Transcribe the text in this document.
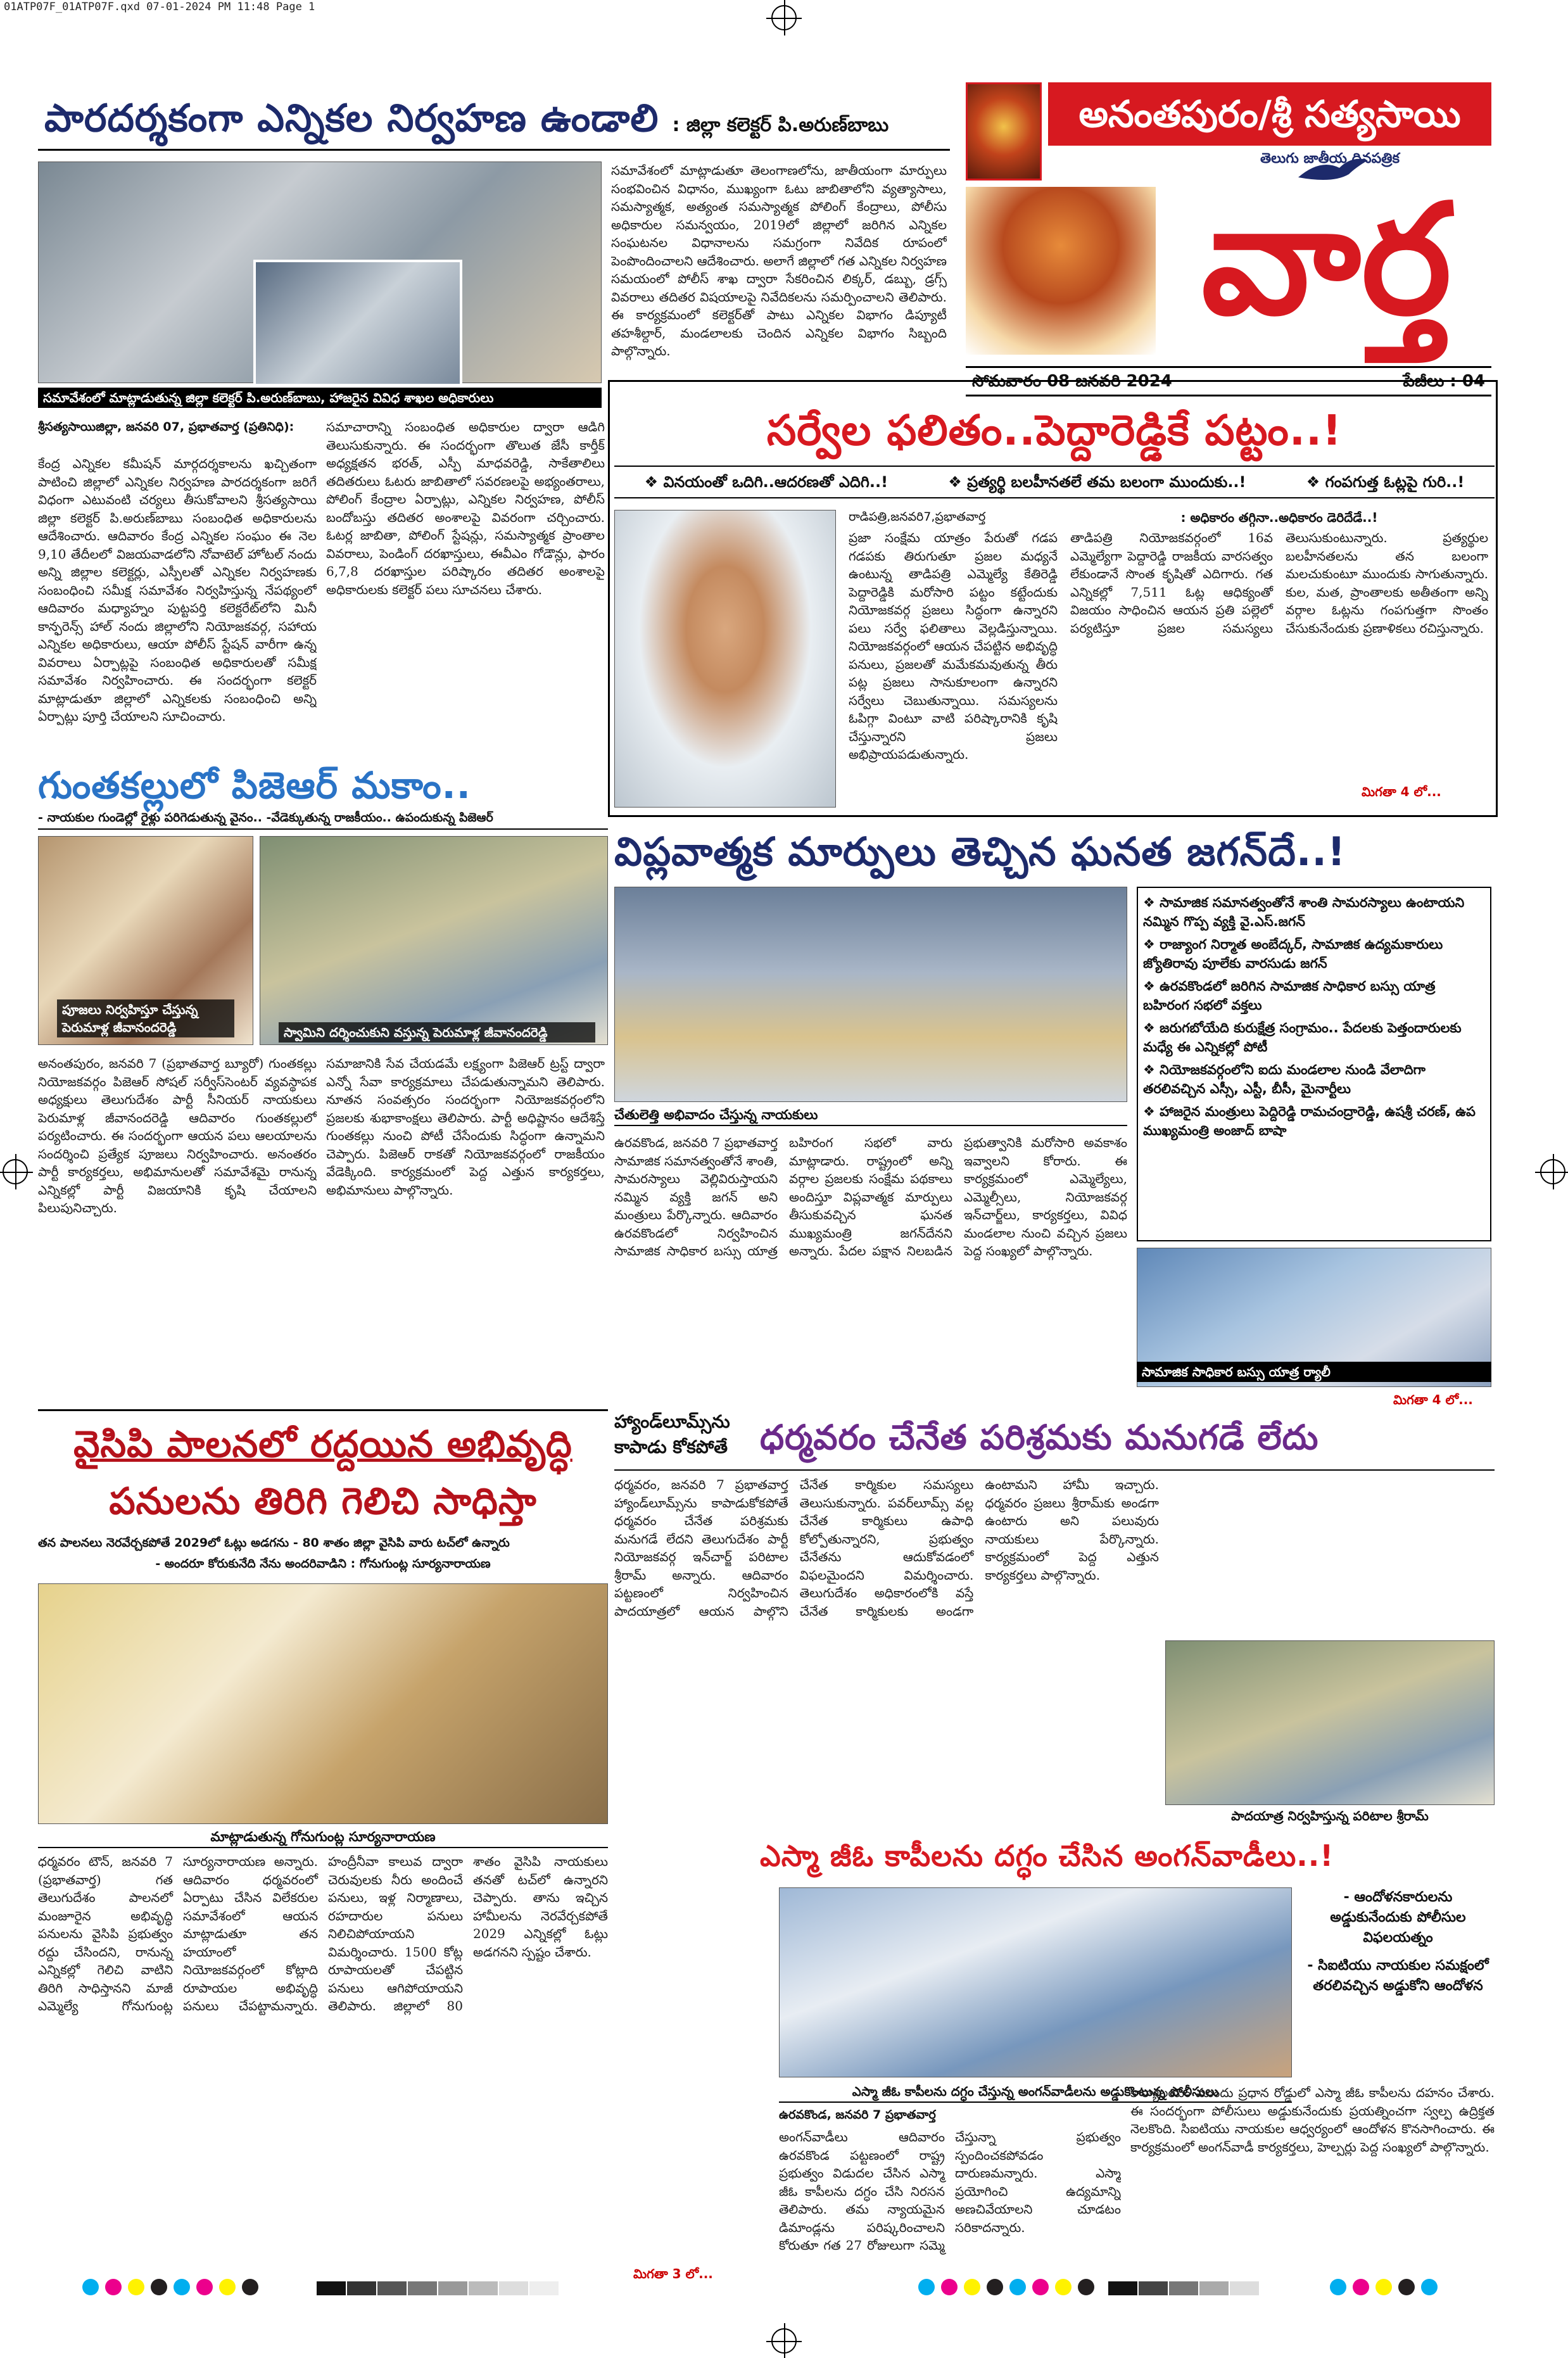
01ATP07F_01ATP07F.qxd 07-01-2024 PM 11:48 Page 1
పారదర్శకంగా ఎన్నికల నిర్వహణ ఉండాలి : జిల్లా కలెక్టర్ పి.అరుణ్‌బాబు
సమావేశంలో మాట్లాడుతున్న జిల్లా కలెక్టర్ పి.అరుణ్‌బాబు, హాజరైన వివిధ శాఖల అధికారులు
సమావేశంలో మాట్లాడుతూ తెలంగాణలోను, జాతీయంగా మార్పులు సంభవించిన విధానం, ముఖ్యంగా ఓటు జాబితాలోని వ్యత్యాసాలు, సమస్యాత్మక, అత్యంత సమస్యాత్మక పోలింగ్ కేంద్రాలు, పోలీసు అధికారుల సమన్వయం, 2019లో జిల్లాలో జరిగిన ఎన్నికల సంఘటనల విధానాలను సమగ్రంగా నివేదిక రూపంలో పెంపొందించాలని ఆదేశించారు. అలాగే జిల్లాలో గత ఎన్నికల నిర్వహణ సమయంలో పోలీస్ శాఖ ద్వారా సేకరించిన లిక్కర్, డబ్బు, డ్రగ్స్ వివరాలు తదితర విషయాలపై నివేదికలను సమర్పించాలని తెలిపారు. ఈ కార్యక్రమంలో కలెక్టర్‌తో పాటు ఎన్నికల విభాగం డిప్యూటీ తహశీల్దార్, మండలాలకు చెందిన ఎన్నికల విభాగం సిబ్బంది పాల్గొన్నారు.
శ్రీసత్యసాయిజిల్లా, జనవరి 07, ప్రభాతవార్త (ప్రతినిధి):
కేంద్ర ఎన్నికల కమీషన్ మార్గదర్శకాలను ఖచ్చితంగా పాటించి జిల్లాలో ఎన్నికల నిర్వహణ పారదర్శకంగా జరిగే విధంగా ఎటువంటి చర్యలు తీసుకోవాలని శ్రీసత్యసాయి జిల్లా కలెక్టర్ పి.అరుణ్‌బాబు సంబంధిత అధికారులను ఆదేశించారు. ఆదివారం కేంద్ర ఎన్నికల సంఘం ఈ నెల 9,10 తేదీలలో విజయవాడలోని నోవాటెల్ హోటల్ నందు అన్ని జిల్లాల కలెక్టర్లు, ఎస్పీలతో ఎన్నికల నిర్వహణకు సంబంధించి సమీక్ష సమావేశం నిర్వహిస్తున్న నేపథ్యంలో ఆదివారం మధ్యాహ్నం పుట్టపర్తి కలెక్టరేట్‌లోని మినీ కాన్ఫరెన్స్ హాల్ నందు జిల్లాలోని నియోజకవర్గ, సహాయ ఎన్నికల అధికారులు, ఆయా పోలీస్ స్టేషన్ వారీగా ఉన్న వివరాలు ఏర్పాట్లపై సంబంధిత అధికారులతో సమీక్ష సమావేశం నిర్వహించారు. ఈ సందర్భంగా కలెక్టర్ మాట్లాడుతూ జిల్లాలో ఎన్నికలకు సంబంధించి అన్ని ఏర్పాట్లు పూర్తి చేయాలని సూచించారు.
సమాచారాన్ని సంబంధిత అధికారుల ద్వారా ఆడిగి తెలుసుకున్నారు. ఈ సందర్భంగా తొలుత జేసీ కార్తీక్ అధ్యక్షతన భరత్, ఎస్పీ మాధవరెడ్డి, సాకేతాలిలు తదితరులు ఓటరు జాబితాలో సవరణలపై అభ్యంతరాలు, పోలింగ్ కేంద్రాల ఏర్పాట్లు, ఎన్నికల నిర్వహణ, పోలీస్ బందోబస్తు తదితర అంశాలపై వివరంగా చర్చించారు. ఓటర్ల జాబితా, పోలింగ్ స్టేషన్లు, సమస్యాత్మక ప్రాంతాల వివరాలు, పెండింగ్ దరఖాస్తులు, ఈవీఎం గోడౌన్లు, ఫారం 6,7,8 దరఖాస్తుల పరిష్కారం తదితర అంశాలపై అధికారులకు కలెక్టర్ పలు సూచనలు చేశారు.
అనంతపురం/శ్రీ సత్యసాయి
తెలుగు జాతీయ దినపత్రిక
వార్త
సోమవారం 08 జనవరి 2024	పేజీలు : 04
సర్వేల ఫలితం..పెద్దారెడ్డికే పట్టం..!
❖ వినయంతో ఒదిగి..ఆదరణతో ఎదిగి..!	❖ ప్రత్యర్థి బలహీనతలే తమ బలంగా ముందుకు..!	❖ గంపగుత్త ఓట్లపై గురి..!
రాడిపత్రి,జనవరి7,ప్రభాతవార్త
ప్రజా సంక్షేమ యాత్రం పేరుతో గడప గడపకు తిరుగుతూ ప్రజల మధ్యనే ఉంటున్న తాడిపత్రి ఎమ్మెల్యే కేతిరెడ్డి పెద్దారెడ్డికి మరోసారి పట్టం కట్టేందుకు నియోజకవర్గ ప్రజలు సిద్ధంగా ఉన్నారని పలు సర్వే ఫలితాలు వెల్లడిస్తున్నాయి. నియోజకవర్గంలో ఆయన చేపట్టిన అభివృద్ధి పనులు, ప్రజలతో మమేకమవుతున్న తీరు పట్ల ప్రజలు సానుకూలంగా ఉన్నారని సర్వేలు చెబుతున్నాయి. సమస్యలను ఓపిగ్గా వింటూ వాటి పరిష్కారానికి కృషి చేస్తున్నారని ప్రజలు అభిప్రాయపడుతున్నారు.
: అధికారం తగ్గినా..అధికారం డెరిదేడే..!
తాడిపత్రి నియోజకవర్గంలో 16వ ఎమ్మెల్యేగా పెద్దారెడ్డి రాజకీయ వారసత్వం లేకుండానే సొంత కృషితో ఎదిగారు. గత ఎన్నికల్లో 7,511 ఓట్ల ఆధిక్యంతో విజయం సాధించిన ఆయన ప్రతి పల్లెలో పర్యటిస్తూ ప్రజల సమస్యలు తెలుసుకుంటున్నారు. ప్రత్యర్థుల బలహీనతలను తన బలంగా మలచుకుంటూ ముందుకు సాగుతున్నారు. కుల, మత, ప్రాంతాలకు అతీతంగా అన్ని వర్గాల ఓట్లను గంపగుత్తగా సొంతం చేసుకునేందుకు ప్రణాళికలు రచిస్తున్నారు.
మిగతా 4 లో...
గుంతకల్లులో పిజెఆర్ మకాం..
- నాయకుల గుండెల్లో రైళ్లు పరిగెడుతున్న వైనం.. -వేడెక్కుతున్న రాజకీయం.. ఉపందుకున్న పిజెఆర్
పూజలు నిర్వహిస్తూ చేస్తున్న పెరుమాళ్ల జీవానందరెడ్డి	స్వామిని దర్శించుకుని వస్తున్న పెరుమాళ్ల జీవానందరెడ్డి
అనంతపురం, జనవరి 7 (ప్రభాతవార్త బ్యూరో) గుంతకల్లు నియోజకవర్గం పిజెఆర్ సోషల్ సర్వీస్‌సెంటర్ వ్యవస్థాపక అధ్యక్షులు తెలుగుదేశం పార్టీ సీనియర్ నాయకులు పెరుమాళ్ల జీవానందరెడ్డి ఆదివారం గుంతకల్లులో పర్యటించారు. ఈ సందర్భంగా ఆయన పలు ఆలయాలను సందర్శించి ప్రత్యేక పూజలు నిర్వహించారు. అనంతరం పార్టీ కార్యకర్తలు, అభిమానులతో సమావేశమై రానున్న ఎన్నికల్లో పార్టీ విజయానికి కృషి చేయాలని పిలుపునిచ్చారు.
సమాజానికి సేవ చేయడమే లక్ష్యంగా పిజెఆర్ ట్రస్ట్ ద్వారా ఎన్నో సేవా కార్యక్రమాలు చేపడుతున్నామని తెలిపారు. నూతన సంవత్సరం సందర్భంగా నియోజకవర్గంలోని ప్రజలకు శుభాకాంక్షలు తెలిపారు. పార్టీ అధిష్టానం ఆదేశిస్తే గుంతకల్లు నుంచి పోటీ చేసేందుకు సిద్ధంగా ఉన్నామని చెప్పారు. పిజెఆర్ రాకతో నియోజకవర్గంలో రాజకీయం వేడెక్కింది. కార్యక్రమంలో పెద్ద ఎత్తున కార్యకర్తలు, అభిమానులు పాల్గొన్నారు.
విప్లవాత్మక మార్పులు తెచ్చిన ఘనత జగన్‌దే..!
చేతులెత్తి అభివాదం చేస్తున్న నాయకులు
❖ సామాజిక సమానత్వంతోనే శాంతి సామరస్యాలు ఉంటాయని నమ్మిన గొప్ప వ్యక్తి వై.ఎస్.జగన్
❖ రాజ్యాంగ నిర్మాత అంబేద్కర్, సామాజిక ఉద్యమకారులు జ్యోతిరావు పూలేకు వారసుడు జగన్
❖ ఉరవకొండలో జరిగిన సామాజిక సాధికార బస్సు యాత్ర బహిరంగ సభలో వక్తలు
❖ జరుగబోయేది కురుక్షేత్ర సంగ్రామం.. పేదలకు పెత్తందారులకు మధ్యే ఈ ఎన్నికల్లో పోటీ
❖ నియోజకవర్గంలోని ఐదు మండలాల నుండి వేలాదిగా తరలివచ్చిన ఎస్సీ, ఎస్టీ, బీసీ, మైనార్టీలు
❖ హాజరైన మంత్రులు పెద్దిరెడ్డి రామచంద్రారెడ్డి, ఉషశ్రీ చరణ్, ఉప ముఖ్యమంత్రి అంజాద్ బాషా
సామాజిక సాధికార బస్సు యాత్ర ర్యాలీ
ఉరవకొండ, జనవరి 7 ప్రభాతవార్త సామాజిక సమానత్వంతోనే శాంతి, సామరస్యాలు వెల్లివిరుస్తాయని నమ్మిన వ్యక్తి జగన్ అని మంత్రులు పేర్కొన్నారు. ఆదివారం ఉరవకొండలో నిర్వహించిన సామాజిక సాధికార బస్సు యాత్ర బహిరంగ సభలో వారు మాట్లాడారు. రాష్ట్రంలో అన్ని వర్గాల ప్రజలకు సంక్షేమ పథకాలు అందిస్తూ విప్లవాత్మక మార్పులు తీసుకువచ్చిన ఘనత ముఖ్యమంత్రి జగన్‌దేనని అన్నారు. పేదల పక్షాన నిలబడిన ప్రభుత్వానికి మరోసారి అవకాశం ఇవ్వాలని కోరారు. ఈ కార్యక్రమంలో ఎమ్మెల్యేలు, ఎమ్మెల్సీలు, నియోజకవర్గ ఇన్‌చార్జ్‌లు, కార్యకర్తలు, వివిధ మండలాల నుంచి వచ్చిన ప్రజలు పెద్ద సంఖ్యలో పాల్గొన్నారు.
మిగతా 4 లో...
వైసిపి పాలనలో రద్దయిన అభివృద్ధి
పనులను తిరిగి గెలిచి సాధిస్తా
తన పాలనలు నెరవేర్చకపోతే 2029లో ఓట్లు అడగను - 80 శాతం జిల్లా వైసిపి వారు టచ్‌లో ఉన్నారు
- అందరూ కోరుకునేది నేను అందరివాడిని : గోనుగుంట్ల సూర్యనారాయణ
మాట్లాడుతున్న గోనుగుంట్ల సూర్యనారాయణ
ధర్మవరం టౌన్, జనవరి 7 (ప్రభాతవార్త) గత తెలుగుదేశం పాలనలో మంజూరైన అభివృద్ధి పనులను వైసిపి ప్రభుత్వం రద్దు చేసిందని, రానున్న ఎన్నికల్లో గెలిచి వాటిని తిరిగి సాధిస్తానని మాజీ ఎమ్మెల్యే గోనుగుంట్ల సూర్యనారాయణ అన్నారు. ఆదివారం ధర్మవరంలో ఏర్పాటు చేసిన విలేకరుల సమావేశంలో ఆయన మాట్లాడుతూ తన హయాంలో నియోజకవర్గంలో కోట్లాది రూపాయల అభివృద్ధి పనులు చేపట్టామన్నారు. హంద్రీనీవా కాలువ ద్వారా చెరువులకు నీరు అందించే పనులు, ఇళ్ల నిర్మాణాలు, రహదారుల పనులు నిలిచిపోయాయని విమర్శించారు. 1500 కోట్ల రూపాయలతో చేపట్టిన పనులు ఆగిపోయాయని తెలిపారు. జిల్లాలో 80 శాతం వైసిపి నాయకులు తనతో టచ్‌లో ఉన్నారని చెప్పారు. తాను ఇచ్చిన హామీలను నెరవేర్చకపోతే 2029 ఎన్నికల్లో ఓట్లు అడగనని స్పష్టం చేశారు.
మిగతా 3 లో...
హ్యాండ్‌లూమ్స్‌ను
కాపాడు కోకపోతే ధర్మవరం చేనేత పరిశ్రమకు మనుగడే లేదు
ధర్మవరం, జనవరి 7 ప్రభాతవార్త హ్యాండ్‌లూమ్స్‌ను కాపాడుకోకపోతే ధర్మవరం చేనేత పరిశ్రమకు మనుగడే లేదని తెలుగుదేశం పార్టీ నియోజకవర్గ ఇన్‌చార్జ్ పరిటాల శ్రీరామ్ అన్నారు. ఆదివారం పట్టణంలో నిర్వహించిన పాదయాత్రలో ఆయన పాల్గొని చేనేత కార్మికుల సమస్యలు తెలుసుకున్నారు. పవర్‌లూమ్స్ వల్ల చేనేత కార్మికులు ఉపాధి కోల్పోతున్నారని, ప్రభుత్వం చేనేతను ఆదుకోవడంలో విఫలమైందని విమర్శించారు. తెలుగుదేశం అధికారంలోకి వస్తే చేనేత కార్మికులకు అండగా ఉంటామని హామీ ఇచ్చారు. ధర్మవరం ప్రజలు శ్రీరామ్‌కు అండగా ఉంటారు అని పలువురు నాయకులు పేర్కొన్నారు. కార్యక్రమంలో పెద్ద ఎత్తున కార్యకర్తలు పాల్గొన్నారు.
పాదయాత్ర నిర్వహిస్తున్న పరిటాల శ్రీరామ్
ఎస్మా జీఓ కాపీలను దగ్ధం చేసిన అంగన్‌వాడీలు..!
ఎస్మా జీఓ కాపీలను దగ్ధం చేస్తున్న అంగన్‌వాడీలను అడ్డుకొంటున్న పోలీసులు
- ఆందోళనకారులను అడ్డుకునేందుకు పోలీసుల విఫలయత్నం
- సిఐటియు నాయకుల సమక్షంలో తరలివచ్చిన అడ్డుకోని ఆందోళన
ఉరవకొండ, జనవరి 7 ప్రభాతవార్త
అంగన్‌వాడీలు ఆదివారం ఉరవకొండ పట్టణంలో రాష్ట్ర ప్రభుత్వం విడుదల చేసిన ఎస్మా జీఓ కాపీలను దగ్ధం చేసి నిరసన తెలిపారు. తమ న్యాయమైన డిమాండ్లను పరిష్కరించాలని కోరుతూ గత 27 రోజులుగా సమ్మె చేస్తున్నా ప్రభుత్వం స్పందించకపోవడం దారుణమన్నారు. ఎస్మా ప్రయోగించి ఉద్యమాన్ని అణచివేయాలని చూడటం సరికాదన్నారు.
కార్యాలయం ముందు ప్రధాన రోడ్డులో ఎస్మా జీఓ కాపీలను దహనం చేశారు. ఈ సందర్భంగా పోలీసులు అడ్డుకునేందుకు ప్రయత్నించగా స్వల్ప ఉద్రిక్తత నెలకొంది. సిఐటియు నాయకుల ఆధ్వర్యంలో ఆందోళన కొనసాగించారు. ఈ కార్యక్రమంలో అంగన్‌వాడీ కార్యకర్తలు, హెల్పర్లు పెద్ద సంఖ్యలో పాల్గొన్నారు.
